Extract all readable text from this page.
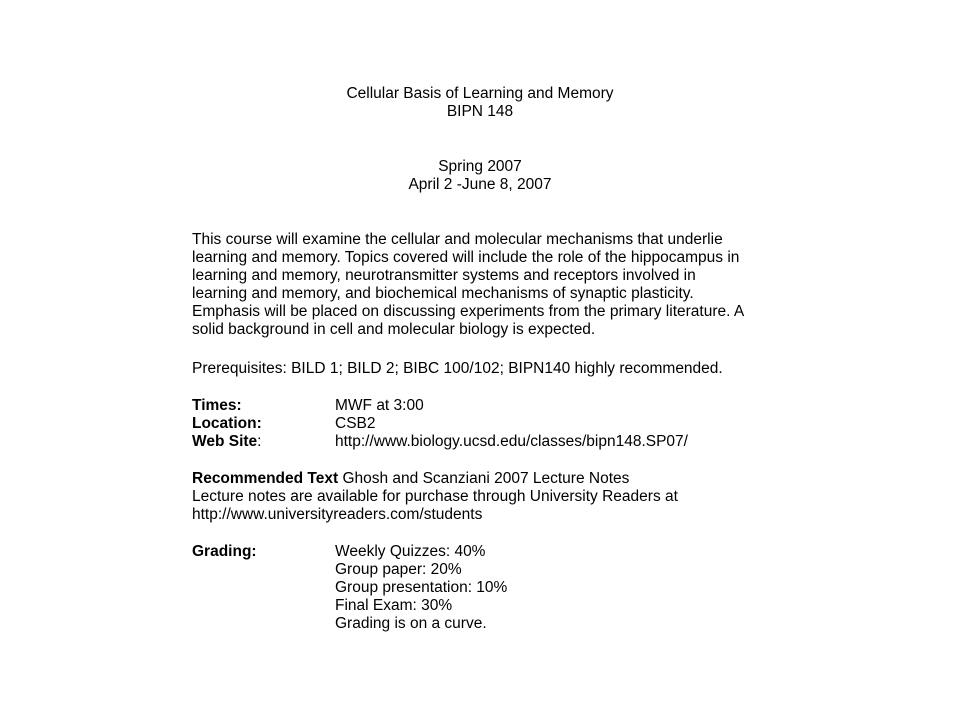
Cellular Basis of Learning and Memory
BIPN 148
Spring 2007
April 2 -June 8, 2007
This course will examine the cellular and molecular mechanisms that underlie
learning and memory. Topics covered will include the role of the hippocampus in
learning and memory, neurotransmitter systems and receptors involved in
learning and memory, and biochemical mechanisms of synaptic plasticity.
Emphasis will be placed on discussing experiments from the primary literature. A
solid background in cell and molecular biology is expected.
Prerequisites: BILD 1; BILD 2; BIBC 100/102; BIPN140 highly recommended.
Times:	MWF at 3:00
Location:	CSB2
Web Site:	http://www.biology.ucsd.edu/classes/bipn148.SP07/
Recommended Text Ghosh and Scanziani 2007 Lecture Notes
Lecture notes are available for purchase through University Readers at
http://www.universityreaders.com/students
Grading:	Weekly Quizzes: 40%
Group paper: 20%
Group presentation: 10%
Final Exam: 30%
Grading is on a curve.
